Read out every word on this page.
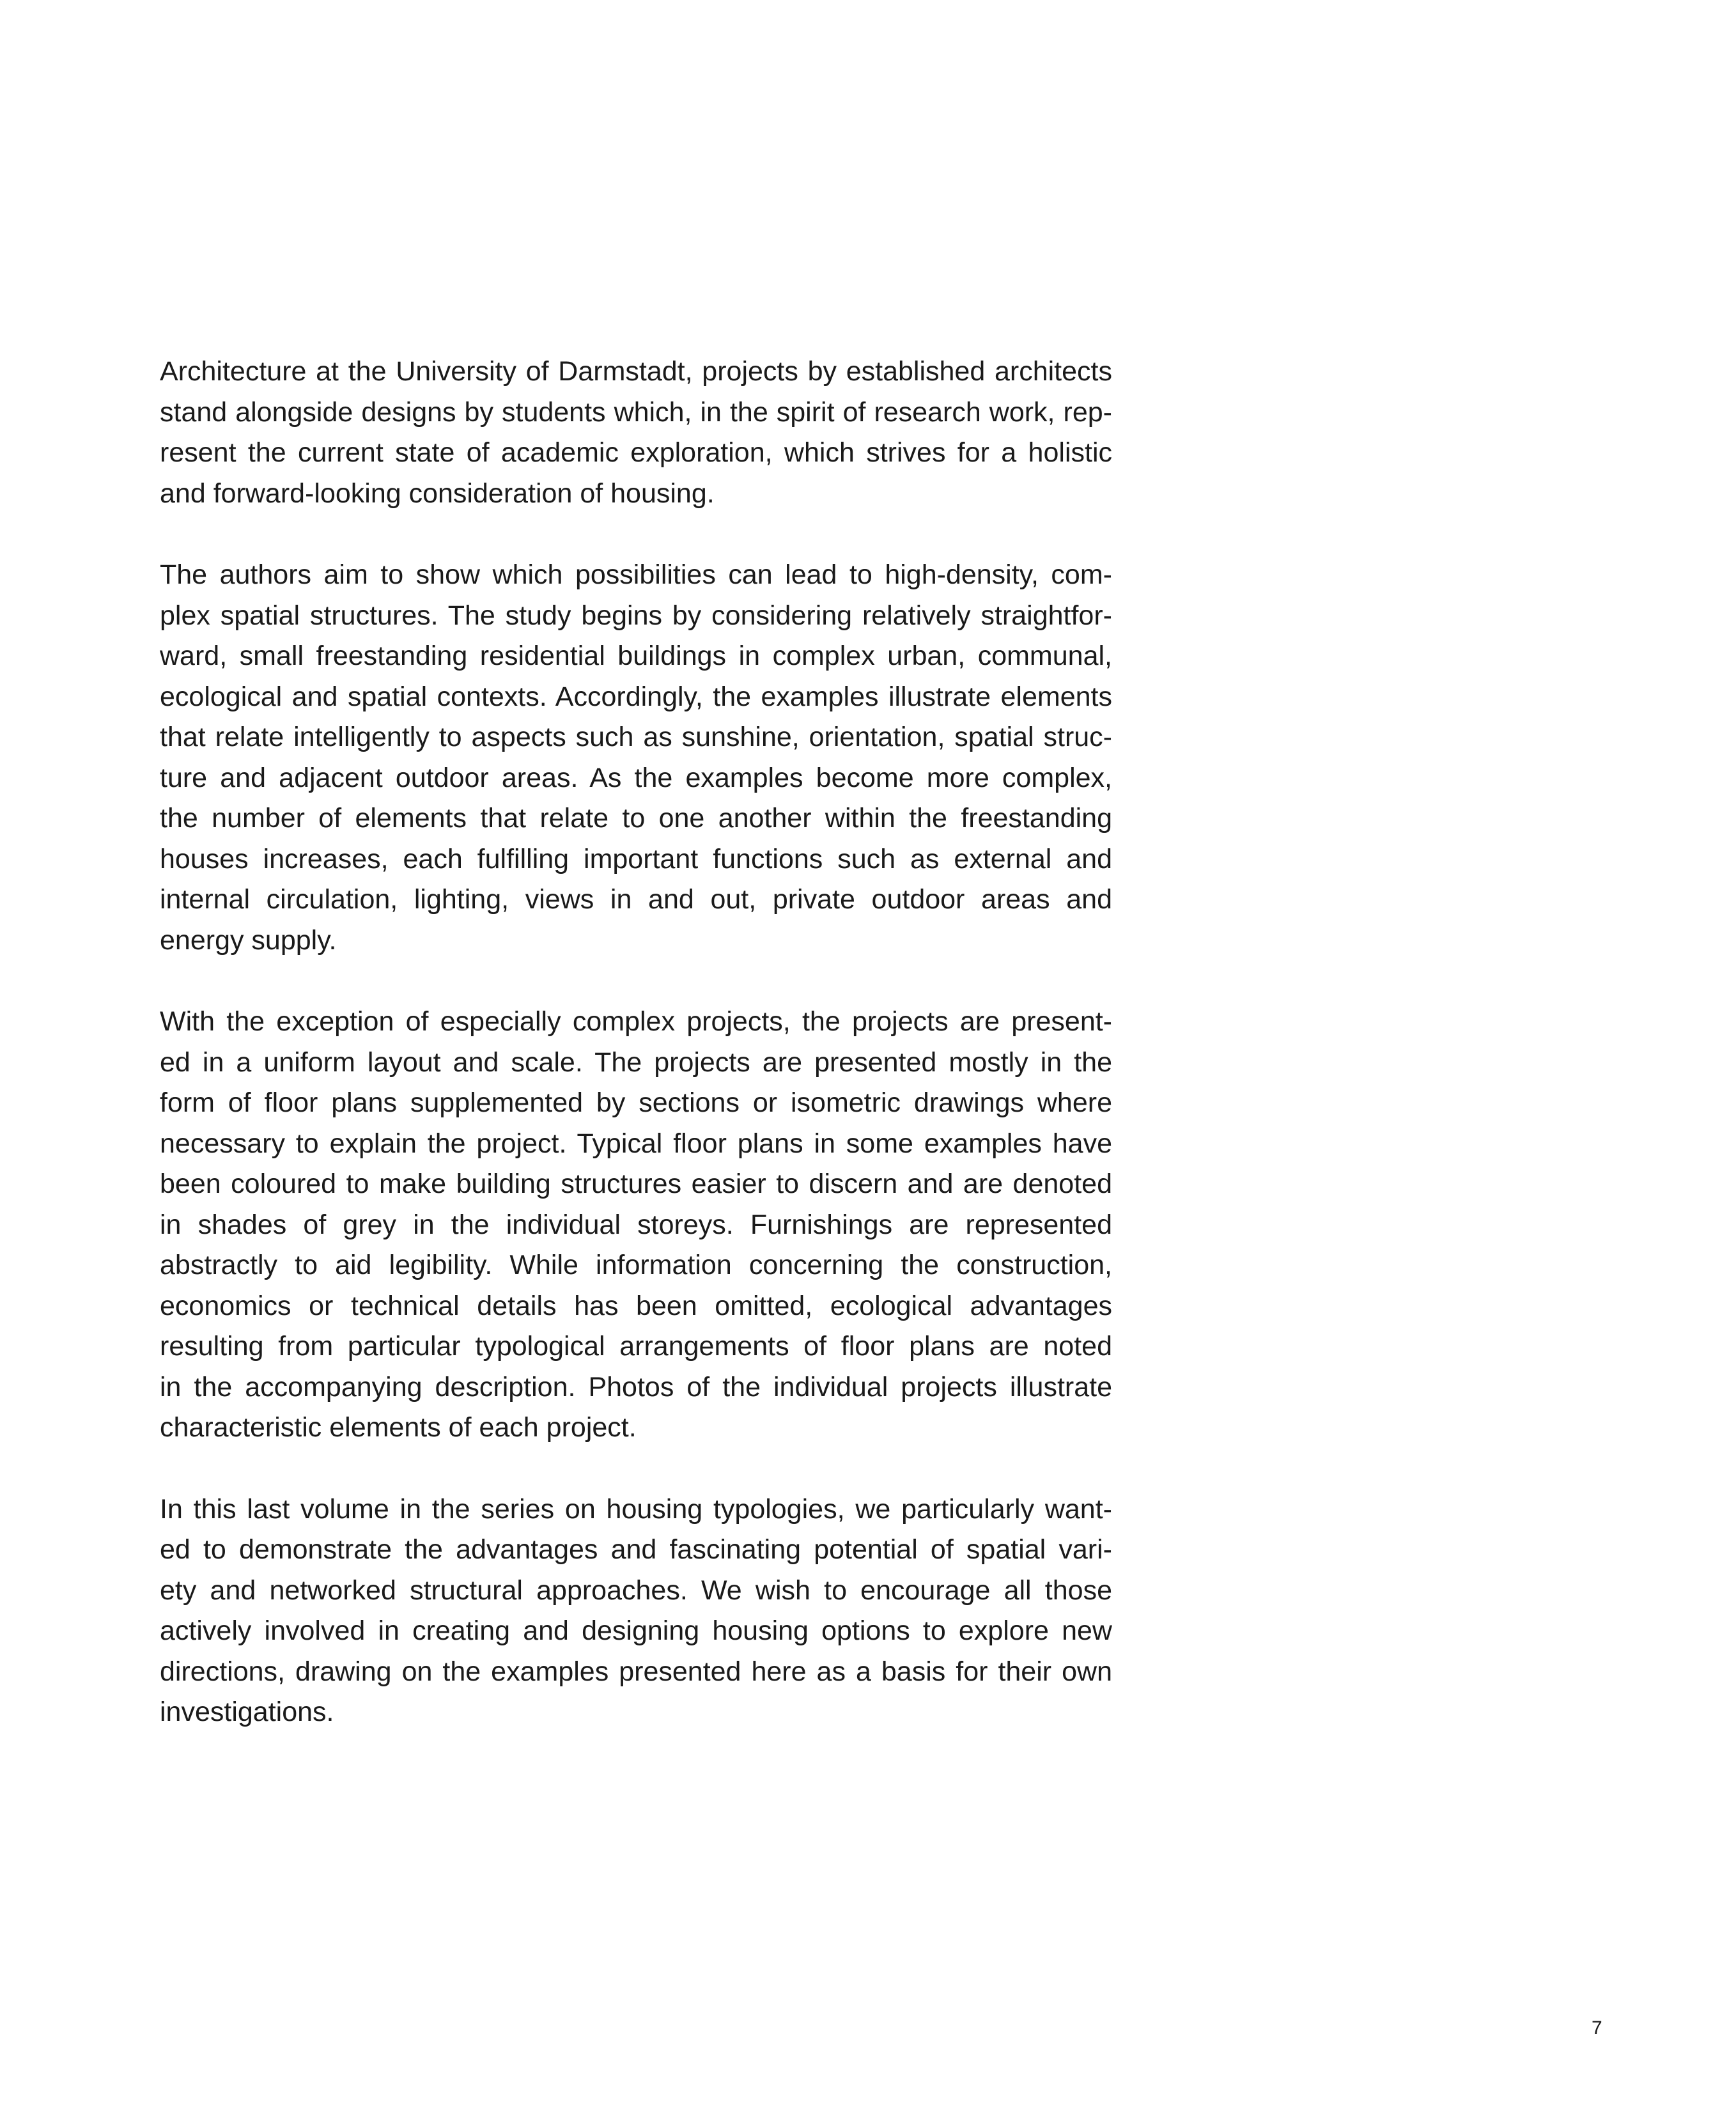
Architecture at the University of Darmstadt, projects by established architects
stand alongside designs by students which, in the spirit of research work, rep-
resent the current state of academic exploration, which strives for a holistic
and forward-looking consideration of housing.

The authors aim to show which possibilities can lead to high-density, com-
plex spatial structures. The study begins by considering relatively straightfor-
ward, small freestanding residential buildings in complex urban, communal,
ecological and spatial contexts. Accordingly, the examples illustrate elements
that relate intelligently to aspects such as sunshine, orientation, spatial struc-
ture and adjacent outdoor areas. As the examples become more complex,
the number of elements that relate to one another within the freestanding
houses increases, each fulfilling important functions such as external and
internal circulation, lighting, views in and out, private outdoor areas and
energy supply.

With the exception of especially complex projects, the projects are present-
ed in a uniform layout and scale. The projects are presented mostly in the
form of floor plans supplemented by sections or isometric drawings where
necessary to explain the project. Typical floor plans in some examples have
been coloured to make building structures easier to discern and are denoted
in shades of grey in the individual storeys. Furnishings are represented
abstractly to aid legibility. While information concerning the construction,
economics or technical details has been omitted, ecological advantages
resulting from particular typological arrangements of floor plans are noted
in the accompanying description. Photos of the individual projects illustrate
characteristic elements of each project.

In this last volume in the series on housing typologies, we particularly want-
ed to demonstrate the advantages and fascinating potential of spatial vari-
ety and networked structural approaches. We wish to encourage all those
actively involved in creating and designing housing options to explore new
directions, drawing on the examples presented here as a basis for their own
investigations.

7
